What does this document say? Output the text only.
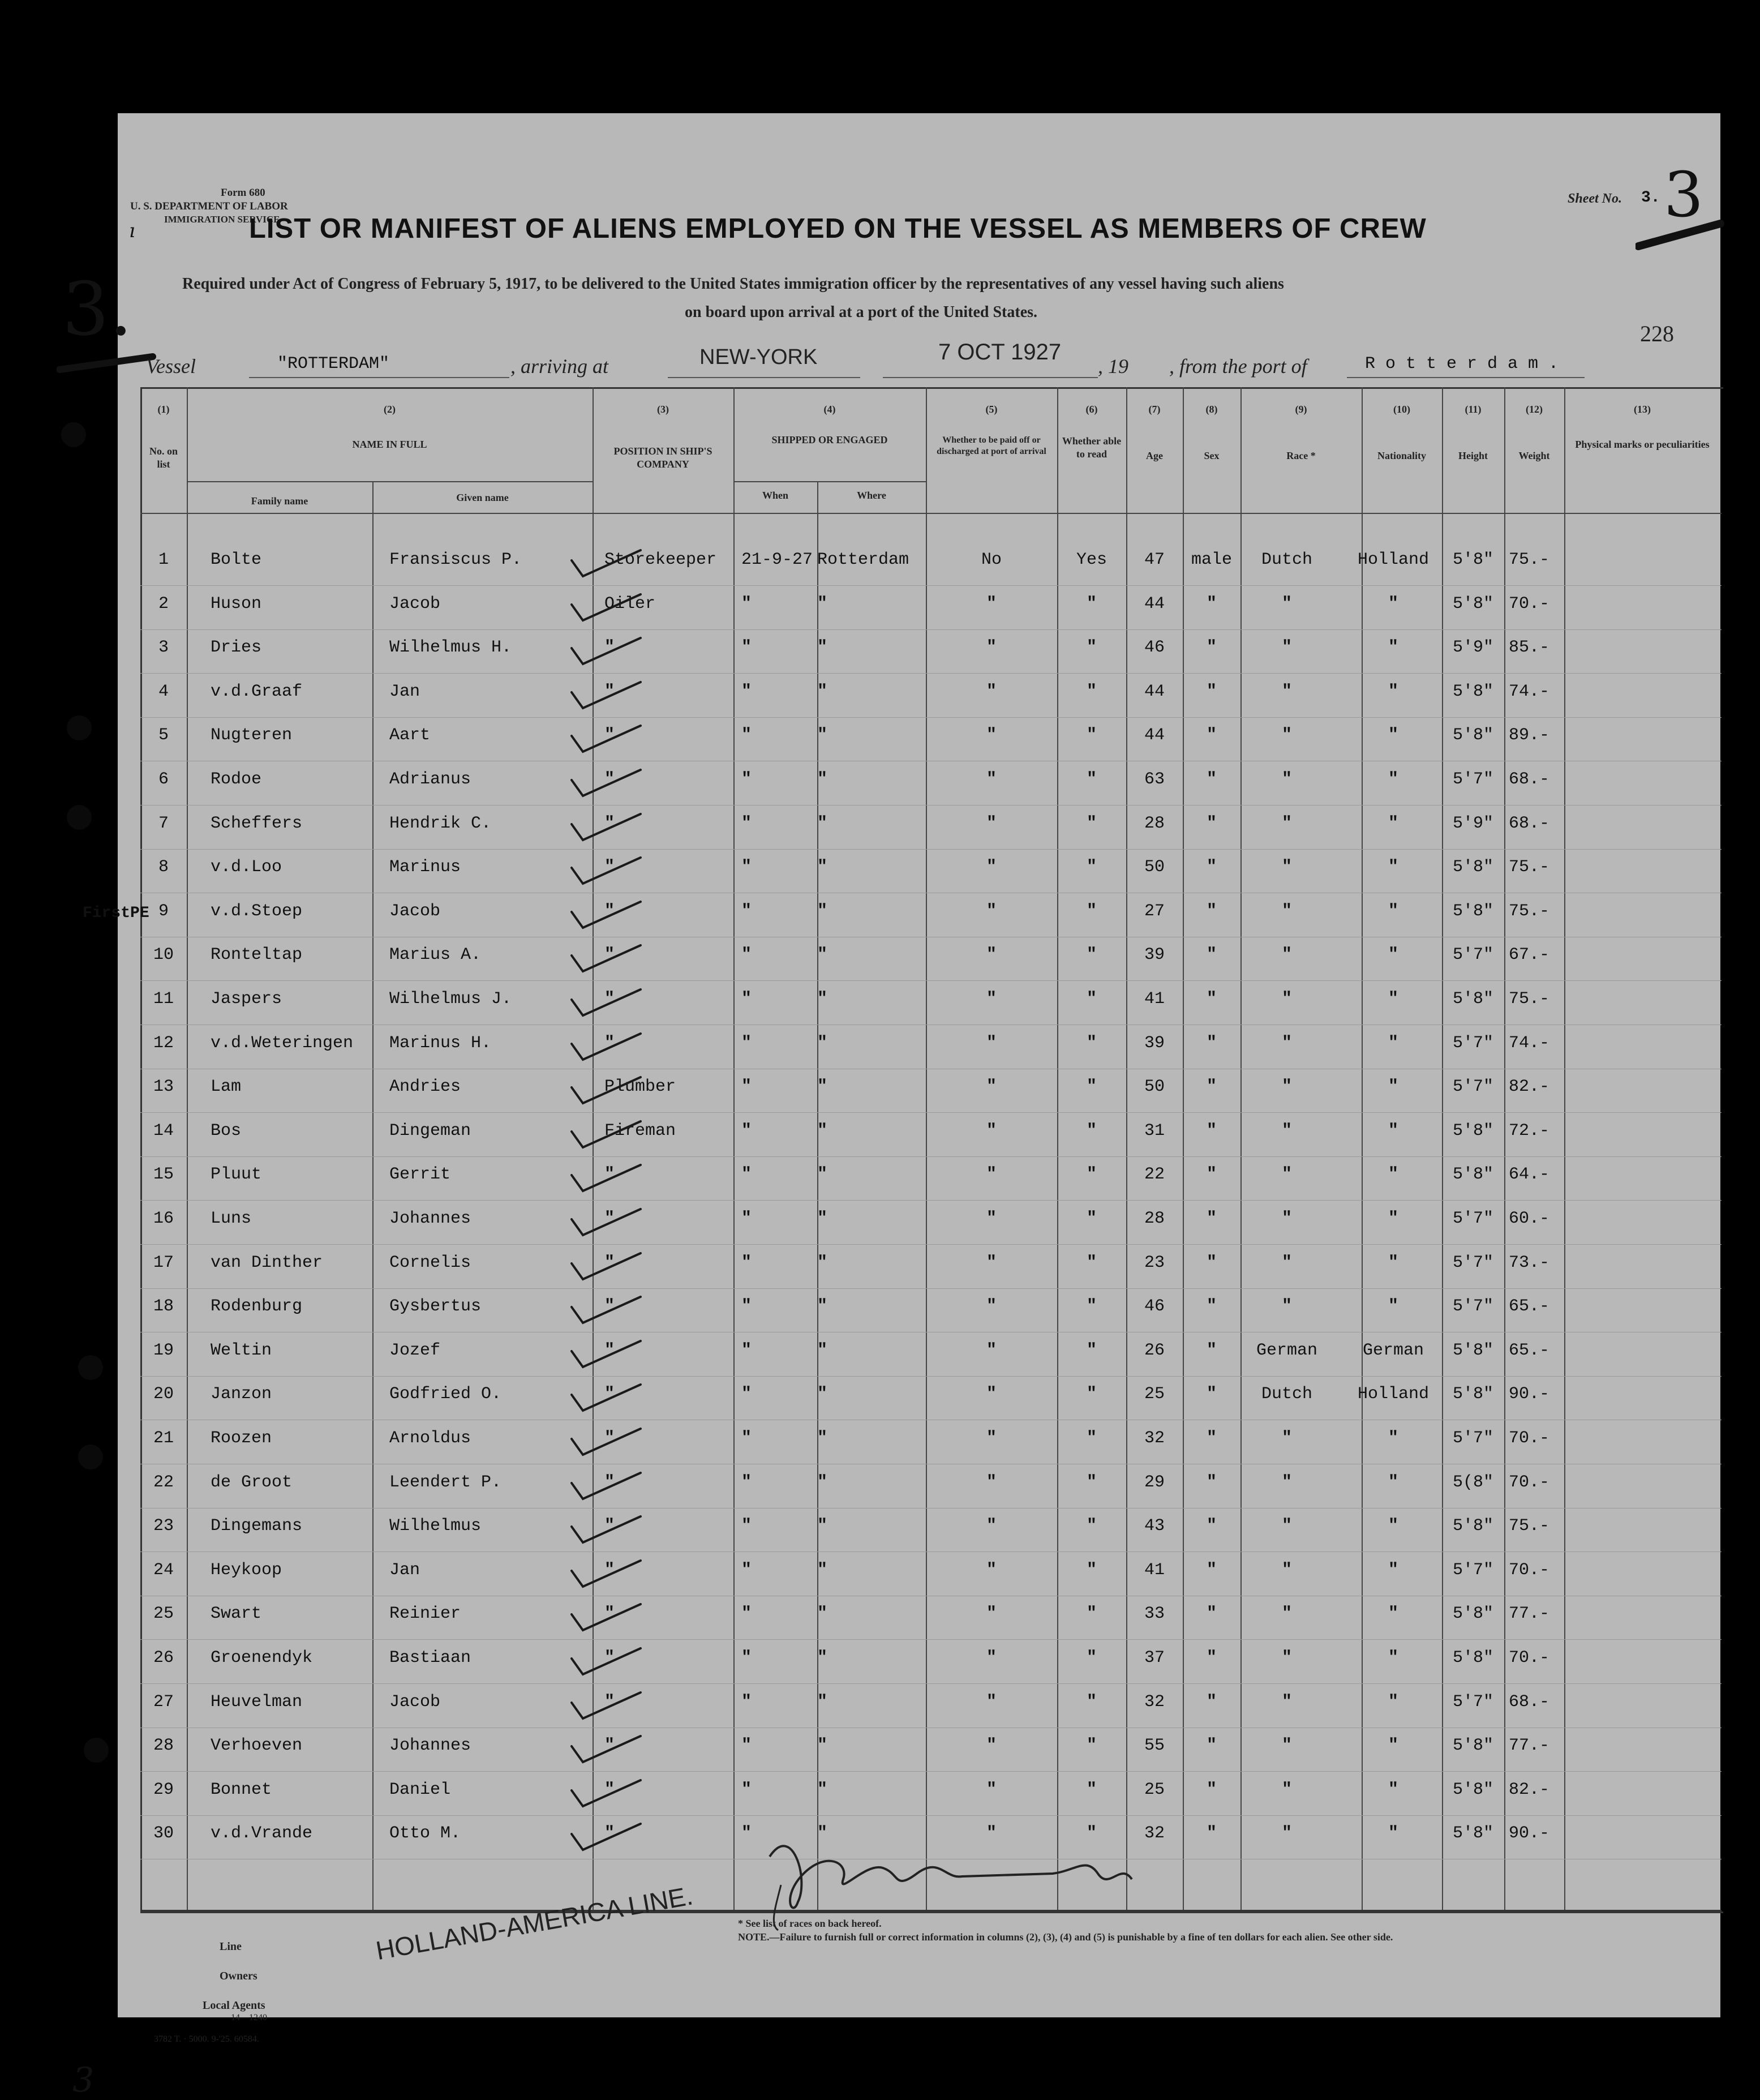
Form 680
U. S. DEPARTMENT OF LABOR
IMMIGRATION SERVICE
ı
Sheet No. 3. 3
LIST OR MANIFEST OF ALIENS EMPLOYED ON THE VESSEL AS MEMBERS OF CREW
Required under Act of Congress of February 5, 1917, to be delivered to the United States immigration officer by the representatives of any vessel having such aliens
on board upon arrival at a port of the United States.
3.	228
Vessel	"ROTTERDAM"	, arriving at	NEW-YORK	7 OCT 1927
, 19 , from the port of	R o t t e r d a m .
(1)
No. on list
(2)
NAME IN FULL
Family name	Given name
(3)
POSITION IN SHIP'S COMPANY
(4)
SHIPPED OR ENGAGED
When	Where
(5)
Whether to be paid off or discharged at port of arrival
(6)
Whether able to read
(7)
Age
(8)
Sex
(9)
Race *
(10)
Nationality
(11)
Height
(12)
Weight
(13)
Physical marks or peculiarities
FirstPE
1	Bolte	Fransiscus P.	Storekeeper 21-9-27 Rotterdam	No	Yes	47	male	Dutch	Holland	5'8" 75.-
2	Huson	Jacob	Oiler	"	"	"	"	44	"	"	"	5'8" 70.-
3	Dries	Wilhelmus H.	"	"	"	"	"	46	"	"	"	5'9" 85.-
4	v.d.Graaf	Jan	"	"	"	"	"	44	"	"	"	5'8" 74.-
5	Nugteren	Aart	"	"	"	"	"	44	"	"	"	5'8" 89.-
6	Rodoe	Adrianus	"	"	"	"	"	63	"	"	"	5'7" 68.-
7	Scheffers	Hendrik C.	"	"	"	"	"	28	"	"	"	5'9" 68.-
8	v.d.Loo	Marinus	"	"	"	"	"	50	"	"	"	5'8" 75.-
9	v.d.Stoep	Jacob	"	"	"	"	"	27	"	"	"	5'8" 75.-
10	Ronteltap	Marius A.	"	"	"	"	"	39	"	"	"	5'7" 67.-
11	Jaspers	Wilhelmus J.	"	"	"	"	"	41	"	"	"	5'8" 75.-
12	v.d.Weteringen Marinus H.	"	"	"	"	"	39	"	"	"	5'7" 74.-
13	Lam	Andries	Plumber	"	"	"	"	50	"	"	"	5'7" 82.-
14	Bos	Dingeman	Fireman	"	"	"	"	31	"	"	"	5'8" 72.-
15	Pluut	Gerrit	"	"	"	"	"	22	"	"	"	5'8" 64.-
16	Luns	Johannes	"	"	"	"	"	28	"	"	"	5'7" 60.-
17	van Dinther	Cornelis	"	"	"	"	"	23	"	"	"	5'7" 73.-
18	Rodenburg	Gysbertus	"	"	"	"	"	46	"	"	"	5'7" 65.-
19	Weltin	Jozef	"	"	"	"	"	26	"	German	German	5'8" 65.-
20	Janzon	Godfried O.	"	"	"	"	"	25	"	Dutch	Holland	5'8" 90.-
21	Roozen	Arnoldus	"	"	"	"	"	32	"	"	"	5'7" 70.-
22	de Groot	Leendert P.	"	"	"	"	"	29	"	"	"	5(8" 70.-
23	Dingemans	Wilhelmus	"	"	"	"	"	43	"	"	"	5'8" 75.-
24	Heykoop	Jan	"	"	"	"	"	41	"	"	"	5'7" 70.-
25	Swart	Reinier	"	"	"	"	"	33	"	"	"	5'8" 77.-
26	Groenendyk	Bastiaan	"	"	"	"	"	37	"	"	"	5'8" 70.-
27	Heuvelman	Jacob	"	"	"	"	"	32	"	"	"	5'7" 68.-
28	Verhoeven	Johannes	"	"	"	"	"	55	"	"	"	5'8" 77.-
29	Bonnet	Daniel	"	"	"	"	"	25	"	"	"	5'8" 82.-
30	v.d.Vrande	Otto M.	"	"	"	"	"	32	"	"	"	5'8" 90.-
Line
Owners
Local Agents
14—1240
HOLLAND-AMERICA LINE.	* See list of races on back hereof.
NOTE.—Failure to furnish full or correct information in columns (2), (3), (4) and (5) is punishable by a fine of ten dollars for each alien. See other side.
3782 T. · 5000. 9-'25. 60584.
3
